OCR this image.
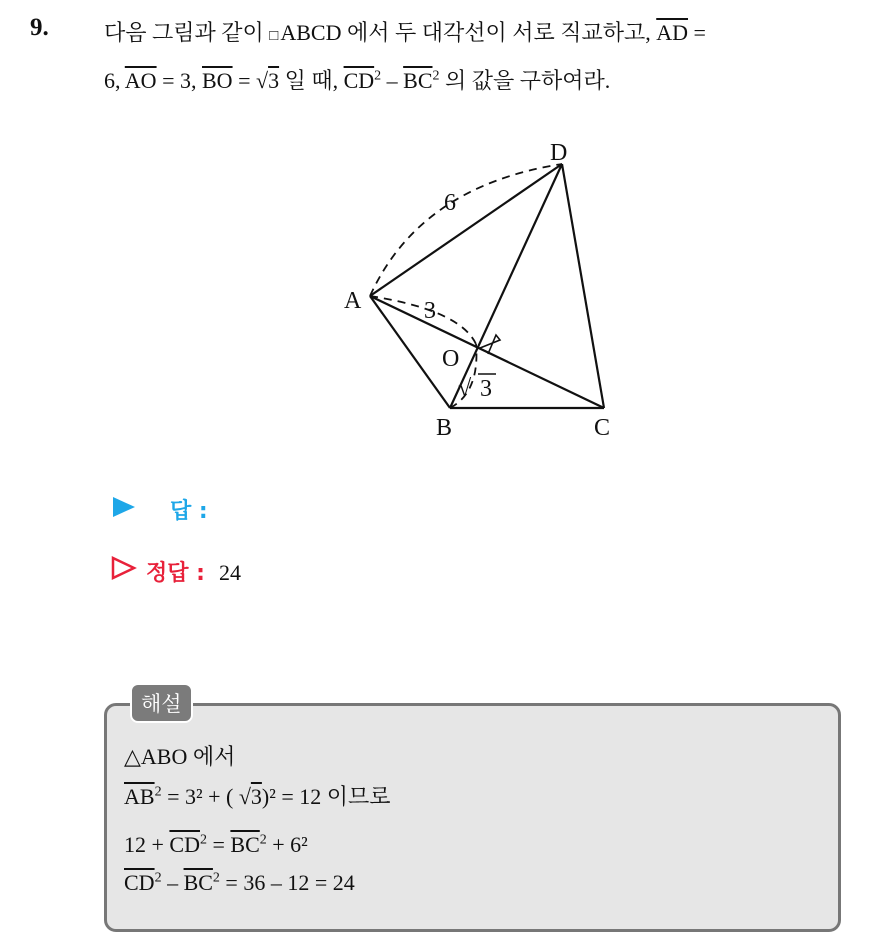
9.	다음 그림과 같이 □ABCD 에서 두 대각선이 서로 직교하고, $\overline{AD}$ =
6, $\overline{AO} = 3$, $\overline{BO} = √3$ 일 때, $\overline{CD}^2 - \overline{BC}^2$ 의 값을 구하여라.
D
A
O
B	C
6
3
√ 3
답 :
정답 : 24
해설
△ABO 에서
$\overline{AB}^2 = 3^2$ + ( √3)² = 12 이므로
$12 + \overline{CD}^2 = \overline{BC}^2 + 6^2$
$\overline{CD}^2 - \overline{BC}^2 = 36 - 12 = 24$
